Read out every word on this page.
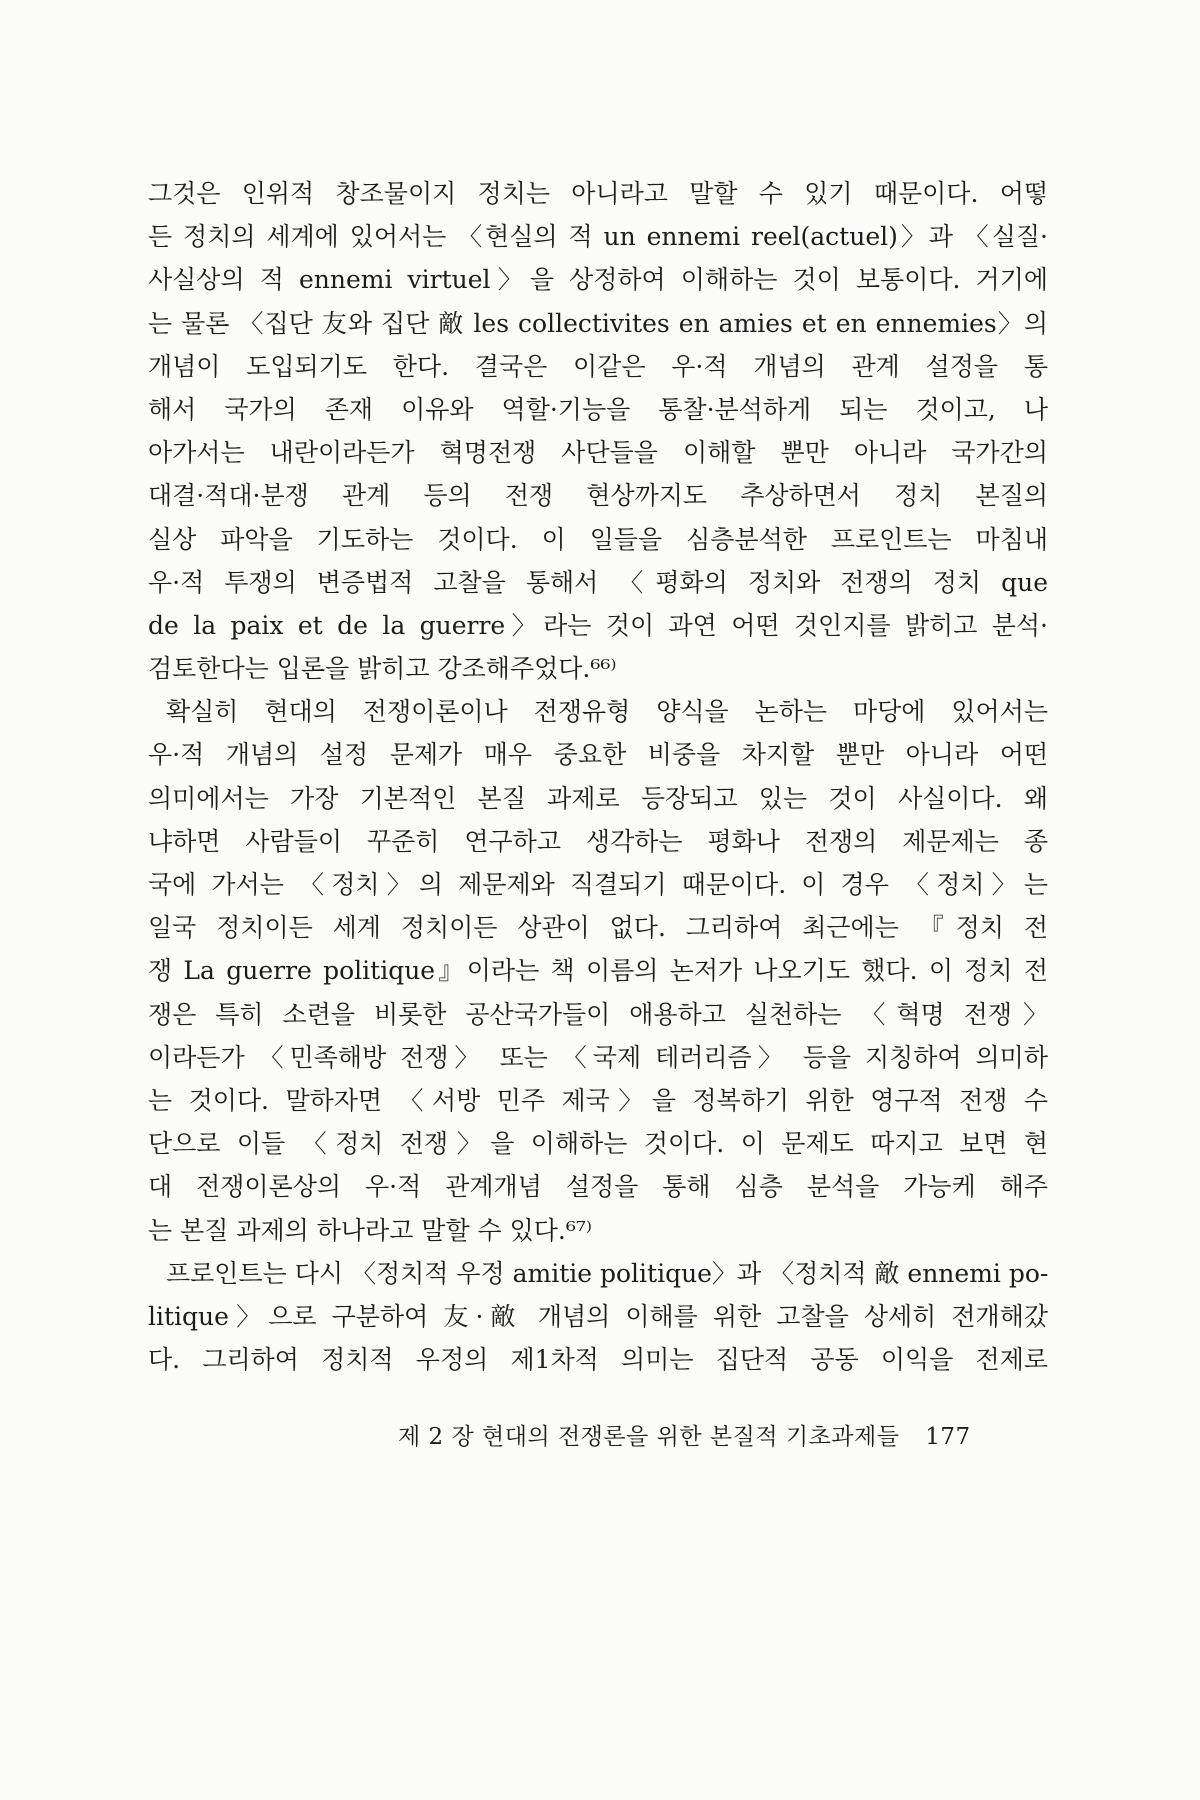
그것은 인위적 창조물이지 정치는 아니라고 말할 수 있기 때문이다. 어떻
든 정치의 세계에 있어서는 〈현실의 적 un ennemi reel(actuel)〉과 〈실질·
사실상의 적 ennemi virtuel〉을 상정하여 이해하는 것이 보통이다. 거기에
는 물론 〈집단 友와 집단 敵 les collectivites en amies et en ennemies〉의
개념이 도입되기도 한다. 결국은 이같은 우·적 개념의 관계 설정을 통
해서 국가의 존재 이유와 역할·기능을 통찰·분석하게 되는 것이고, 나
아가서는 내란이라든가 혁명전쟁 사단들을 이해할 뿐만 아니라 국가간의
대결·적대·분쟁 관계 등의 전쟁 현상까지도 추상하면서 정치 본질의
실상 파악을 기도하는 것이다. 이 일들을 심층분석한 프로인트는 마침내
우·적 투쟁의 변증법적 고찰을 통해서 〈평화의 정치와 전쟁의 정치 que
de la paix et de la guerre〉라는 것이 과연 어떤 것인지를 밝히고 분석·
검토한다는 입론을 밝히고 강조해주었다.⁶⁶⁾
확실히 현대의 전쟁이론이나 전쟁유형 양식을 논하는 마당에 있어서는
우·적 개념의 설정 문제가 매우 중요한 비중을 차지할 뿐만 아니라 어떤
의미에서는 가장 기본적인 본질 과제로 등장되고 있는 것이 사실이다. 왜
냐하면 사람들이 꾸준히 연구하고 생각하는 평화나 전쟁의 제문제는 종
국에 가서는 〈정치〉의 제문제와 직결되기 때문이다. 이 경우 〈정치〉는
일국 정치이든 세계 정치이든 상관이 없다. 그리하여 최근에는 『정치 전
쟁 La guerre politique』이라는 책 이름의 논저가 나오기도 했다. 이 정치 전
쟁은 특히 소련을 비롯한 공산국가들이 애용하고 실천하는 〈혁명 전쟁〉
이라든가 〈민족해방 전쟁〉 또는 〈국제 테러리즘〉 등을 지칭하여 의미하
는 것이다. 말하자면 〈서방 민주 제국〉을 정복하기 위한 영구적 전쟁 수
단으로 이들 〈정치 전쟁〉을 이해하는 것이다. 이 문제도 따지고 보면 현
대 전쟁이론상의 우·적 관계개념 설정을 통해 심층 분석을 가능케 해주
는 본질 과제의 하나라고 말할 수 있다.⁶⁷⁾
프로인트는 다시 〈정치적 우정 amitie politique〉과 〈정치적 敵 ennemi po-
litique〉으로 구분하여 友·敵 개념의 이해를 위한 고찰을 상세히 전개해갔
다. 그리하여 정치적 우정의 제1차적 의미는 집단적 공동 이익을 전제로
제 2 장 현대의 전쟁론을 위한 본질적 기초과제들 177
